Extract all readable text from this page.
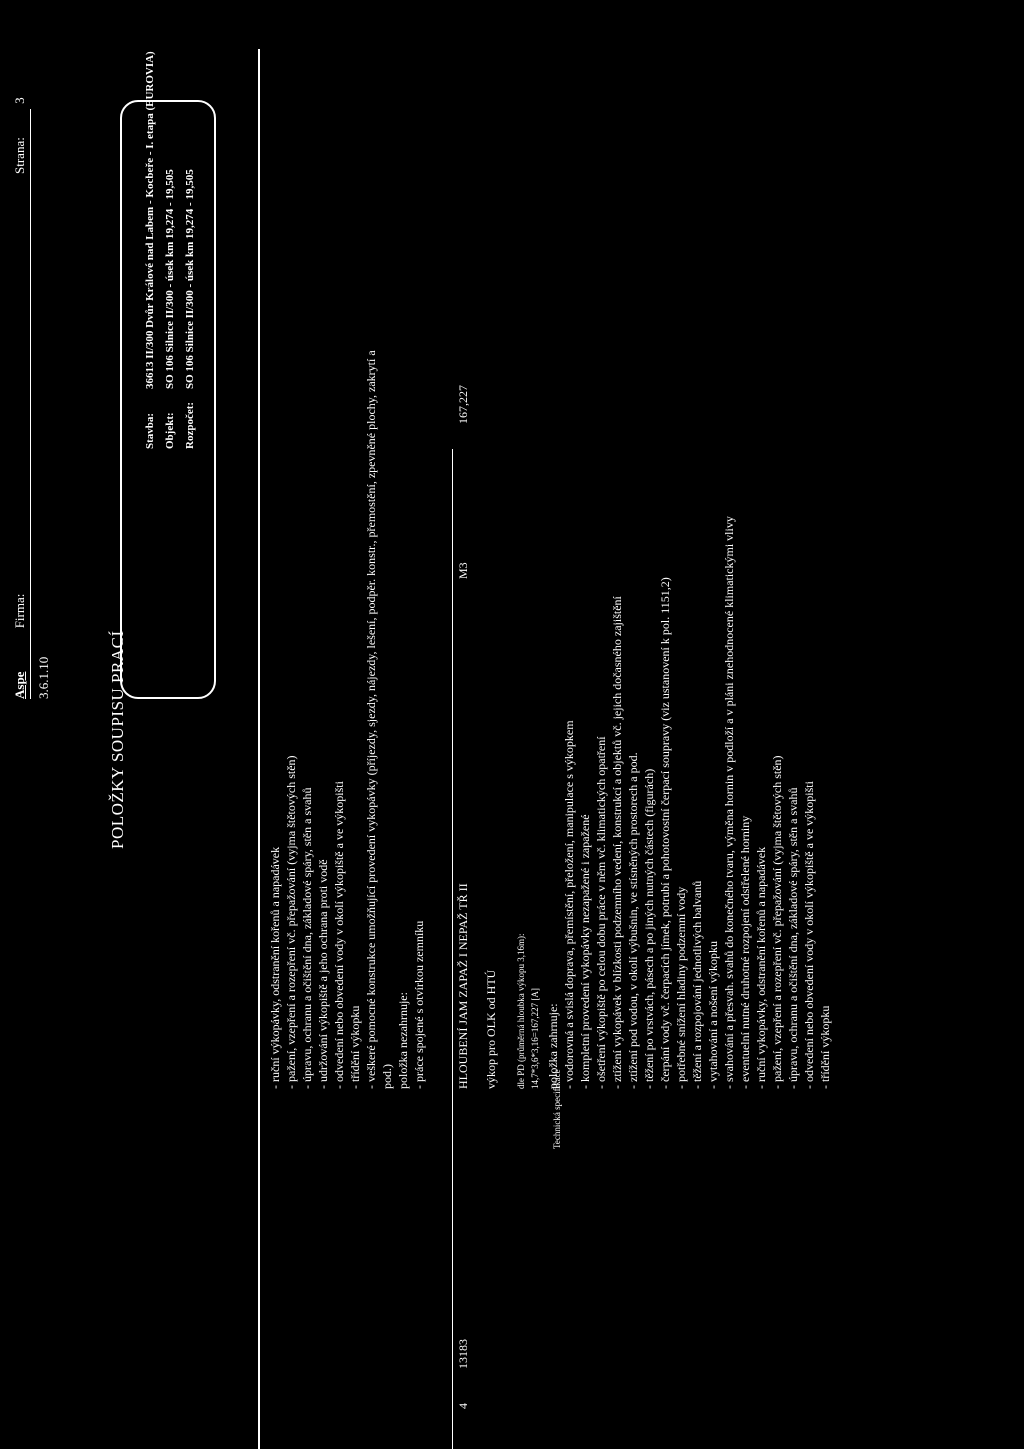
Aspe Firma:
3.6.1.10
Strana: 3
Stavba:
36613 II/300 Dvůr Králové nad Labem - Kocbeře - I. etapa (EUROVIA)
Objekt:
SO 106 Silnice II/300 - úsek km 19,274 - 19,505
Rozpočet:
SO 106 Silnice II/300 - úsek km 19,274 - 19,505
POLOŽKY SOUPISU PRACÍ
- ruční výkopávky, odstranění kořenů a napadávek - pažení, vzepření a rozepření vč. přepažování (vyjma štětových stěn) - úpravu, ochranu a očištění dna, základové spáry, stěn a svahů - udržování výkopiště a jeho ochrana proti vodě - odvedení nebo obvedení vody v okolí výkopiště a ve výkopišti - třídění výkopku - veškeré pomocné konstrukce umožňující provedení vykopávky (příjezdy, sjezdy, nájezdy, lešení, podpěr. konstr., přemostění, zpevněné plochy, zakrytí a pod.) položka nezahrnuje: - práce spojené s otvírkou zemníku
4
13183
HLOUBENÍ JAM ZAPAŽ I NEPAŽ TŘ II
M3
167,227
výkop pro OLK od HTÚ dle PD (průměrná hloubka výkopu 3,16m): 14,7*3,6*3,16=167,227 [A]
Technická specifikace
položka zahrnuje: - vodorovná a svislá doprava, přemístění, přeložení, manipulace s výkopkem - kompletní provedení vykopávky nezapažené i zapažené - ošetření výkopiště po celou dobu práce v něm vč. klimatických opatření - ztížení vykopávek v blízkosti podzemního vedení, konstrukcí a objektů vč. jejich dočasného zajištění - ztížení pod vodou, v okolí výbušnin, ve stísněných prostorech a pod. - těžení po vrstvách, pásech a po jiných nutných částech (figurách) - čerpání vody vč. čerpacích jímek, potrubí a pohotovostní čerpací soupravy (viz ustanovení k pol. 1151,2) - potřebné snížení hladiny podzemní vody - těžení a rozpojování jednotlivých balvanů - vytahování a nošení výkopku - svahování a přesvah. svahů do konečného tvaru, výměna hornin v podloží a v pláni znehodnocené klimatickými vlivy - eventuelní nutné druhotné rozpojení odstřelené horniny - ruční vykopávky, odstranění kořenů a napadávek - pažení, vzepření a rozepření vč. přepažování (vyjma štětových stěn) - úpravu, ochranu a očištění dna, základové spáry, stěn a svahů - odvedení nebo obvedení vody v okolí výkopiště a ve výkopišti - třídění výkopku
